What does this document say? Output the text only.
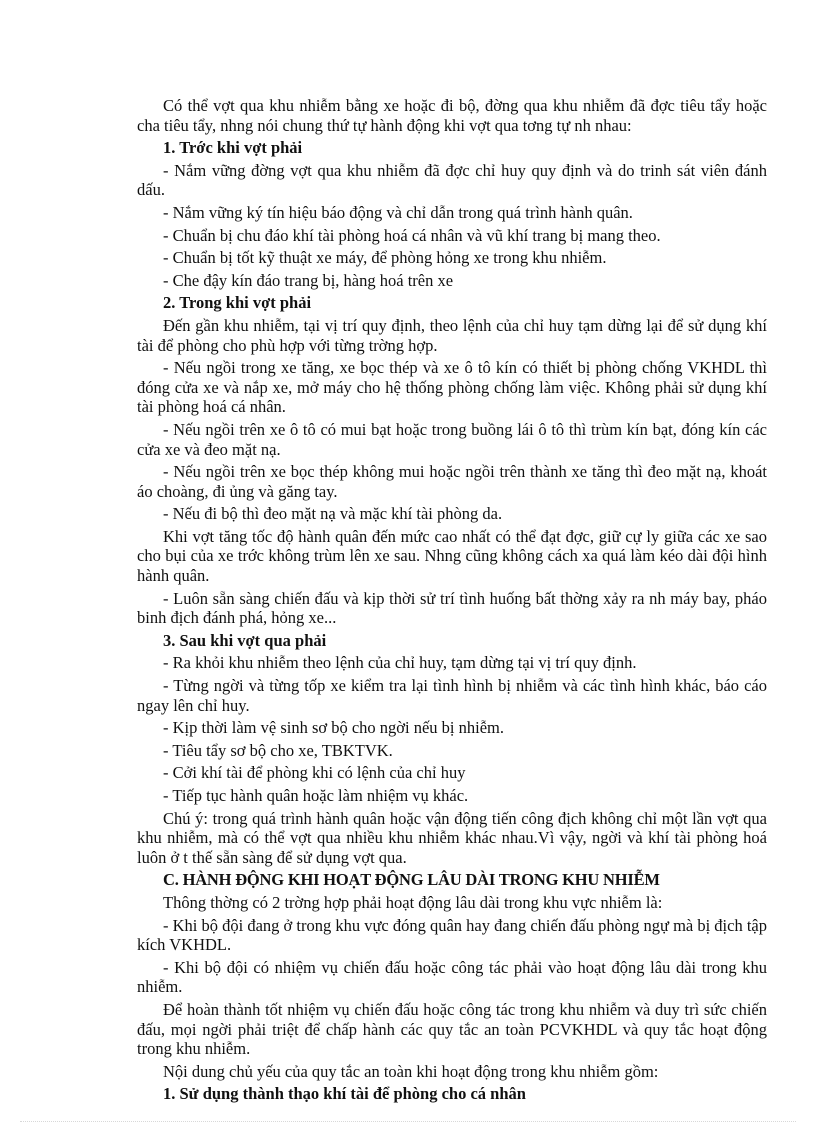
Có thể vợt qua khu nhiễm bằng xe hoặc đi bộ, đờng qua khu nhiễm đã đợc tiêu tẩy hoặc cha tiêu tẩy, nhng nói chung thứ tự hành động khi vợt qua tơng tự nh nhau:

1. Trớc khi vợt phải

- Nắm vững đờng vợt qua khu nhiễm đã đợc chỉ huy quy định và do trinh sát viên đánh dấu.

- Nắm vững ký tín hiệu báo động và chỉ dẫn trong quá trình hành quân.

- Chuẩn bị chu đáo khí tài phòng hoá cá nhân và vũ khí trang bị mang theo.

- Chuẩn bị tốt kỹ thuật xe máy, để phòng hỏng xe trong khu nhiễm.

- Che đậy kín đáo trang bị, hàng hoá trên xe

2. Trong khi vợt phải

Đến gần khu nhiễm, tại vị trí quy định, theo lệnh của chỉ huy tạm dừng lại để sử dụng khí tài để phòng cho phù hợp với từng trờng hợp.

- Nếu ngồi trong xe tăng, xe bọc thép và xe ô tô kín có thiết bị phòng chống VKHDL thì đóng cửa xe và nắp xe, mở máy cho hệ thống phòng chống làm việc. Không phải sử dụng khí tài phòng hoá cá nhân.

- Nếu ngồi trên xe ô tô có mui bạt hoặc trong buồng lái ô tô thì trùm kín bạt, đóng kín các cửa xe và đeo mặt nạ.

- Nếu ngồi trên xe bọc thép không mui hoặc ngồi trên thành xe tăng thì đeo mặt nạ, khoát áo choàng, đi ủng và găng tay.

- Nếu đi bộ thì đeo mặt nạ và mặc khí tài phòng da.

Khi vợt tăng tốc độ hành quân đến mức cao nhất có thể đạt đợc, giữ cự ly giữa các xe sao cho bụi của xe trớc không trùm lên xe sau. Nhng cũng không cách xa quá làm kéo dài đội hình hành quân.

- Luôn sẵn sàng chiến đấu và kịp thời sử trí tình huống bất thờng xảy ra nh máy bay, pháo binh địch đánh phá, hỏng xe...

3. Sau khi vợt qua phải

- Ra khỏi khu nhiễm theo lệnh của chỉ huy, tạm dừng tại vị trí quy định.

- Từng ngời và từng tốp xe kiểm tra lại tình hình bị nhiễm và các tình hình khác, báo cáo ngay lên chỉ huy.

- Kịp thời làm vệ sinh sơ bộ cho ngời nếu bị nhiễm.

- Tiêu tẩy sơ bộ cho xe, TBKTVK.

- Cởi khí tài để phòng khi có lệnh của chỉ huy

- Tiếp tục hành quân hoặc làm nhiệm vụ khác.

Chú ý: trong quá trình hành quân hoặc vận động tiến công địch không chỉ một lần vợt qua khu nhiễm, mà có thể vợt qua nhiều khu nhiễm khác nhau.Vì vậy, ngời và khí tài phòng hoá luôn ở t thế sẵn sàng để sử dụng vợt qua.

C. HÀNH ĐỘNG KHI HOẠT ĐỘNG LÂU DÀI TRONG KHU NHIỄM

Thông thờng có 2 trờng hợp phải hoạt động lâu dài trong khu vực nhiễm là:

- Khi bộ đội đang ở trong khu vực đóng quân hay đang chiến đấu phòng ngự mà bị địch tập kích VKHDL.

- Khi bộ đội có nhiệm vụ chiến đấu hoặc công tác phải vào hoạt động lâu dài trong khu nhiễm.

Để hoàn thành tốt nhiệm vụ chiến đấu hoặc công tác trong khu nhiễm và duy trì sức chiến đấu, mọi ngời phải triệt để chấp hành các quy tắc an toàn PCVKHDL và quy tắc hoạt động trong khu nhiễm.

Nội dung chủ yếu của quy tắc an toàn khi hoạt động trong khu nhiễm gồm:

1. Sử dụng thành thạo khí tài để phòng cho cá nhân
